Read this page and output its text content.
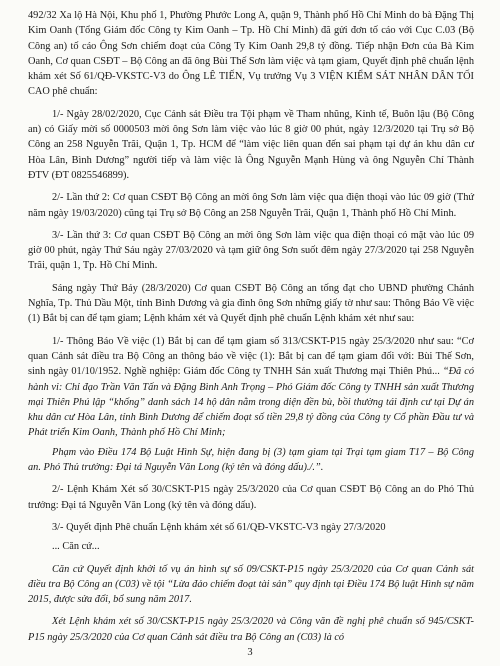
492/32 Xa lộ Hà Nội, Khu phố 1, Phường Phước Long A, quận 9, Thành phố Hồ Chí Minh do bà Đặng Thị Kim Oanh (Tổng Giám đốc Công ty Kim Oanh – Tp. Hồ Chí Minh) đã gửi đơn tố cáo với Cục C.03 (Bộ Công an) tố cáo Ông Sơn chiếm đoạt của Công Ty Kim Oanh 29,8 tỷ đồng. Tiếp nhận Đơn của Bà Kim Oanh, Cơ quan CSĐT – Bộ Công an đã ông Bùi Thế Sơn làm việc và tạm giam, Quyết định phê chuẩn lệnh khám xét Số 61/QĐ-VKSTC-V3 do Ông LÊ TIẾN, Vụ trưởng Vụ 3 VIỆN KIỂM SÁT NHÂN DÂN TỐI CAO phê chuẩn:

1/- Ngày 28/02/2020, Cục Cảnh sát Điều tra Tội phạm về Tham nhũng, Kinh tế, Buôn lậu (Bộ Công an) có Giấy mời số 0000503 mời ông Sơn làm việc vào lúc 8 giờ 00 phút, ngày 12/3/2020 tại Trụ sở Bộ Công an 258 Nguyễn Trãi, Quận 1, Tp. HCM để “làm việc liên quan đến sai phạm tại dự án khu dân cư Hòa Lân, Bình Dương” người tiếp và làm việc là Ông Nguyễn Mạnh Hùng và ông Nguyễn Chí Thành ĐTV (ĐT 0825546899).

2/- Lần thứ 2: Cơ quan CSĐT Bộ Công an mời ông Sơn làm việc qua điện thoại vào lúc 09 giờ (Thứ năm ngày 19/03/2020) cũng tại Trụ sở Bộ Công an 258 Nguyễn Trãi, Quận 1, Thành phố Hồ Chí Minh.

3/- Lần thứ 3: Cơ quan CSĐT Bộ Công an mời ông Sơn làm việc qua điện thoại có mặt vào lúc 09 giờ 00 phút, ngày Thứ Sáu ngày 27/03/2020 và tạm giữ ông Sơn suốt đêm ngày 27/3/2020 tại 258 Nguyễn Trãi, quận 1, Tp. Hồ Chí Minh.

Sáng ngày Thứ Bảy (28/3/2020) Cơ quan CSĐT Bộ Công an tống đạt cho UBND phường Chánh Nghĩa, Tp. Thủ Dầu Một, tỉnh Bình Dương và gia đình ông Sơn những giấy tờ như sau: Thông Báo Về việc (1) Bắt bị can để tạm giam; Lệnh khám xét và Quyết định phê chuẩn Lệnh khám xét như sau:

1/- Thông Báo Về việc (1) Bắt bị can để tạm giam số 313/CSKT-P15 ngày 25/3/2020 như sau: “Cơ quan Cảnh sát điều tra Bộ Công an thông báo về việc (1): Bắt bị can để tạm giam đối với: Bùi Thế Sơn, sinh ngày 01/10/1952. Nghề nghiệp: Giám đốc Công ty TNHH Sản xuất Thương mại Thiên Phú... “Đã có hành vi: Chỉ đạo Trần Văn Tấn và Đặng Bình Anh Trọng – Phó Giám đốc Công ty TNHH sản xuất Thương mại Thiên Phú lập “khống” danh sách 14 hộ dân nằm trong diện đền bù, bồi thường tái định cư tại Dự án khu dân cư Hòa Lân, tỉnh Bình Dương để chiếm đoạt số tiền 29,8 tỷ đồng của Công ty Cổ phần Đầu tư và Phát triển Kim Oanh, Thành phố Hồ Chí Minh;

Phạm vào Điều 174 Bộ Luật Hình Sự, hiện đang bị (3) tạm giam tại Trại tạm giam T17 – Bộ Công an. Phó Thủ trưởng: Đại tá Nguyễn Văn Long (ký tên và đóng dấu)./.”.

2/- Lệnh Khám Xét số 30/CSKT-P15 ngày 25/3/2020 của Cơ quan CSĐT Bộ Công an do Phó Thủ trưởng: Đại tá Nguyễn Văn Long (ký tên và đóng dấu).

3/- Quyết định Phê chuẩn Lệnh khám xét số 61/QĐ-VKSTC-V3 ngày 27/3/2020

... Căn cứ...

Căn cứ Quyết định khởi tố vụ án hình sự số 09/CSKT-P15 ngày 25/3/2020 của Cơ quan Cảnh sát điều tra Bộ Công an (C03) về tội “Lừa đảo chiếm đoạt tài sản” quy định tại Điều 174 Bộ luật Hình sự năm 2015, được sửa đổi, bổ sung năm 2017.

Xét Lệnh khám xét số 30/CSKT-P15 ngày 25/3/2020 và Công văn đề nghị phê chuẩn số 945/CSKT-P15 ngày 25/3/2020 của Cơ quan Cảnh sát điều tra Bộ Công an (C03) là có

3
